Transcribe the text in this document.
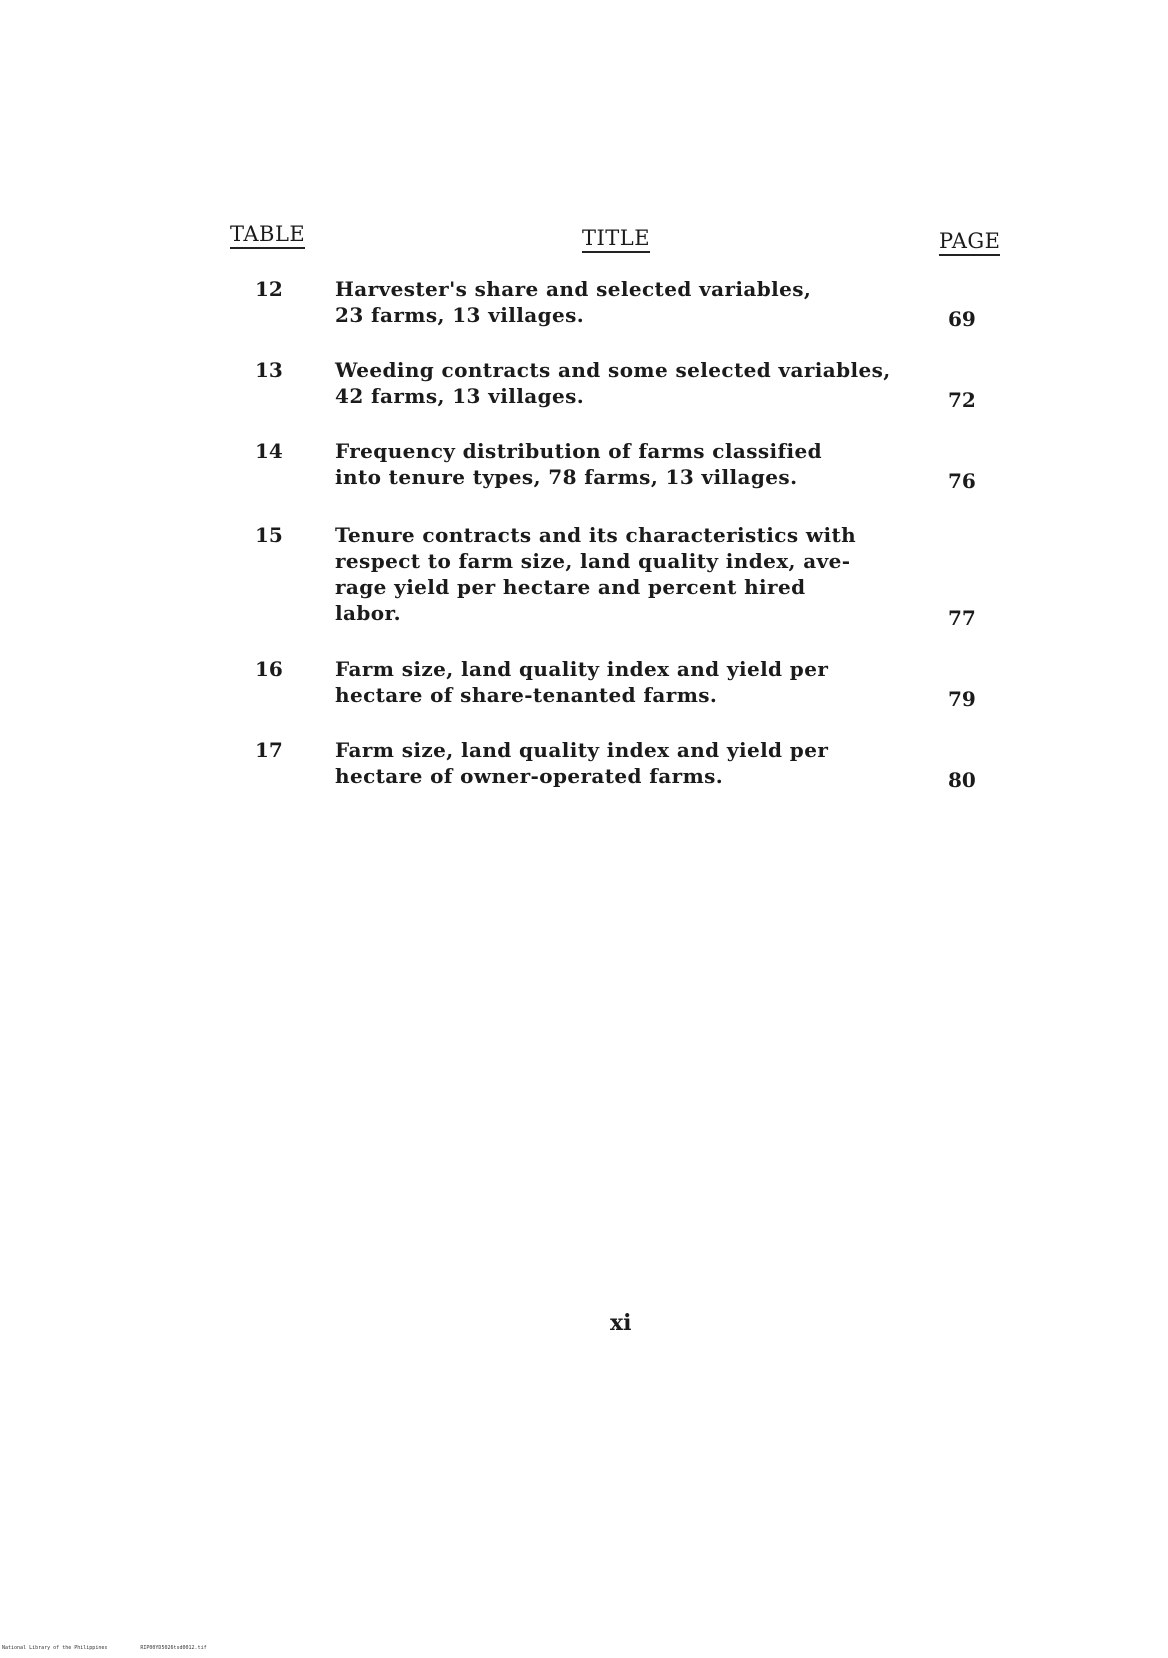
TABLE	TITLE	PAGE
12	Harvester's share and selected variables,
23 farms, 13 villages.	69
13	Weeding contracts and some selected variables,
42 farms, 13 villages.	72
14	Frequency distribution of farms classified
into tenure types, 78 farms, 13 villages.	76
15	Tenure contracts and its characteristics with
respect to farm size, land quality index, ave-
rage yield per hectare and percent hired
labor.	77
16	Farm size, land quality index and yield per
hectare of share-tenanted farms.	79
17	Farm size, land quality index and yield per
hectare of owner-operated farms.	80
xi
National Library of the Philippines	RIP00YD5026tsd0012.tif
